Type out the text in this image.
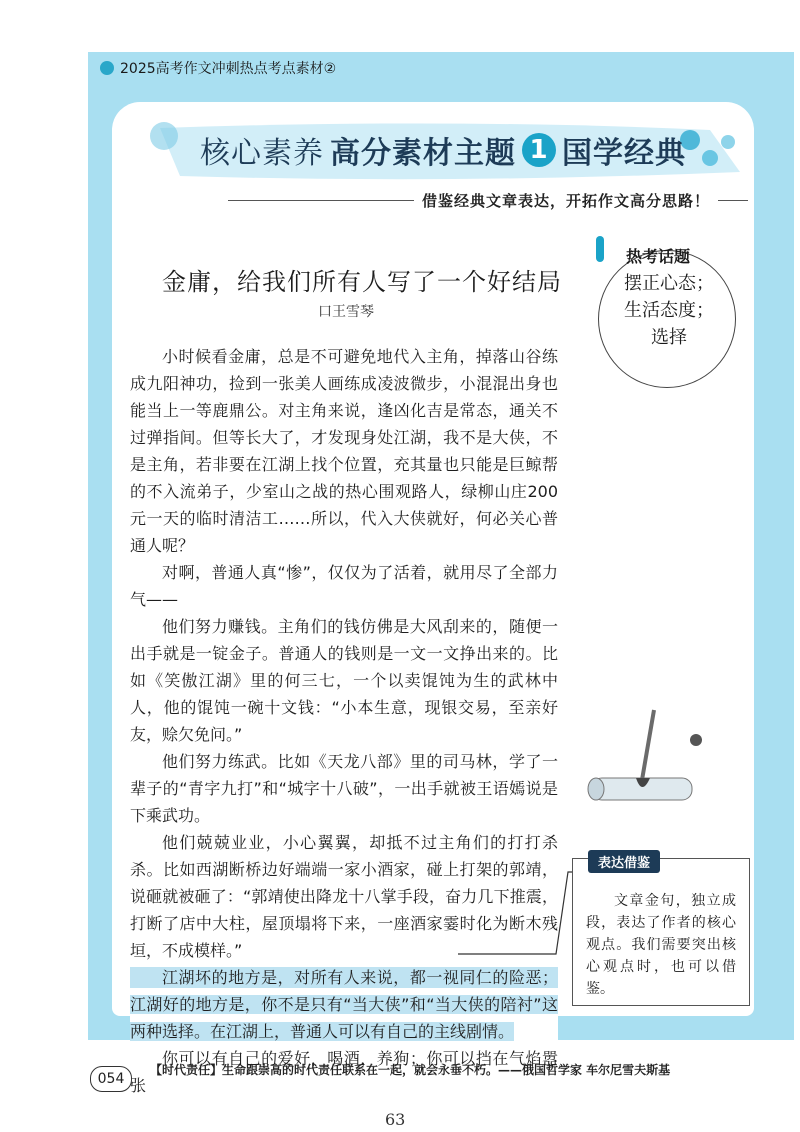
2025高考作文冲刺热点考点素材②
核心素养 高分素材主题 1 国学经典
借鉴经典文章表达，开拓作文高分思路！
金庸，给我们所有人写了一个好结局
口王雪琴

小时候看金庸，总是不可避免地代入主角，掉落山谷练成九阳神功，捡到一张美人画练成凌波微步，小混混出身也能当上一等鹿鼎公。对主角来说，逢凶化吉是常态，通关不过弹指间。但等长大了，才发现身处江湖，我不是大侠，不是主角，若非要在江湖上找个位置，充其量也只能是巨鲸帮的不入流弟子，少室山之战的热心围观路人，绿柳山庄200元一天的临时清洁工……所以，代入大侠就好，何必关心普通人呢？

对啊，普通人真“惨”，仅仅为了活着，就用尽了全部力气——

他们努力赚钱。主角们的钱仿佛是大风刮来的，随便一出手就是一锭金子。普通人的钱则是一文一文挣出来的。比如《笑傲江湖》里的何三七，一个以卖馄饨为生的武林中人，他的馄饨一碗十文钱：“小本生意，现银交易，至亲好友，赊欠免问。”

他们努力练武。比如《天龙八部》里的司马林，学了一辈子的“青字九打”和“城字十八破”，一出手就被王语嫣说是下乘武功。

他们兢兢业业，小心翼翼，却抵不过主角们的打打杀杀。比如西湖断桥边好端端一家小酒家，碰上打架的郭靖，说砸就被砸了：“郭靖使出降龙十八掌手段，奋力几下推震，打断了店中大柱，屋顶塌将下来，一座酒家霎时化为断木残垣，不成模样。”

江湖坏的地方是，对所有人来说，都一视同仁的险恶；江湖好的地方是，你不是只有“当大侠”和“当大侠的陪衬”这两种选择。在江湖上，普通人可以有自己的主线剧情。

你可以有自己的爱好，喝酒，养狗；你可以挡在气焰嚣张

热考话题
摆正心态；
生活态度；
选择
表达借鉴
文章金句，独立成段，表达了作者的核心观点。我们需要突出核心观点时，也可以借鉴。
054
【时代责任】生命跟崇高的时代责任联系在一起，就会永垂不朽。——俄国哲学家 车尔尼雪夫斯基
63
